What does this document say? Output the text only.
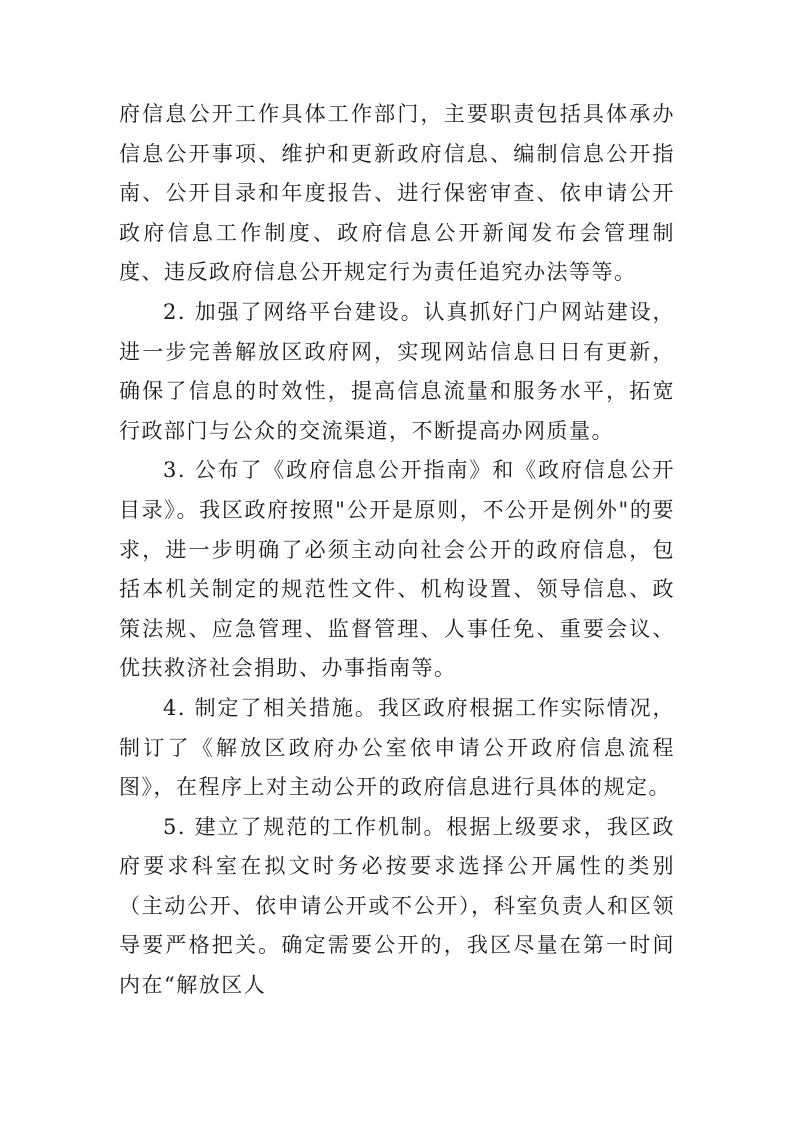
府信息公开工作具体工作部门，主要职责包括具体承办信息公开事项、维护和更新政府信息、编制信息公开指南、公开目录和年度报告、进行保密审查、依申请公开政府信息工作制度、政府信息公开新闻发布会管理制度、违反政府信息公开规定行为责任追究办法等等。

2. 加强了网络平台建设。认真抓好门户网站建设，进一步完善解放区政府网，实现网站信息日日有更新，确保了信息的时效性，提高信息流量和服务水平，拓宽行政部门与公众的交流渠道，不断提高办网质量。

3. 公布了《政府信息公开指南》和《政府信息公开目录》。我区政府按照"公开是原则，不公开是例外"的要求，进一步明确了必须主动向社会公开的政府信息，包括本机关制定的规范性文件、机构设置、领导信息、政策法规、应急管理、监督管理、人事任免、重要会议、优扶救济社会捐助、办事指南等。

4. 制定了相关措施。我区政府根据工作实际情况，制订了《解放区政府办公室依申请公开政府信息流程图》，在程序上对主动公开的政府信息进行具体的规定。

5. 建立了规范的工作机制。根据上级要求，我区政府要求科室在拟文时务必按要求选择公开属性的类别（主动公开、依申请公开或不公开），科室负责人和区领导要严格把关。确定需要公开的，我区尽量在第一时间内在“解放区人
